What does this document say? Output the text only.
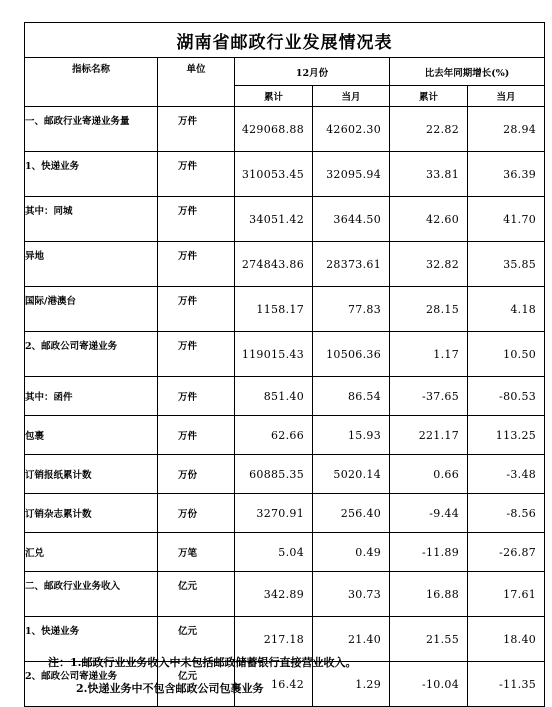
湖南省邮政行业发展情况表					
指标名称	单位	12月份		比去年同期增长(%)	
		累计	当月	累计	当月
一、邮政行业寄递业务量	万件	429068.88	42602.30	22.82	28.94
1、快递业务	万件	310053.45	32095.94	33.81	36.39
其中：同城	万件	34051.42	3644.50	42.60	41.70
异地	万件	274843.86	28373.61	32.82	35.85
国际/港澳台	万件	1158.17	77.83	28.15	4.18
2、邮政公司寄递业务	万件	119015.43	10506.36	1.17	10.50
其中：函件	万件	851.40	86.54	-37.65	-80.53
包裹	万件	62.66	15.93	221.17	113.25
订销报纸累计数	万份	60885.35	5020.14	0.66	-3.48
订销杂志累计数	万份	3270.91	256.40	-9.44	-8.56
汇兑	万笔	5.04	0.49	-11.89	-26.87
二、邮政行业业务收入	亿元	342.89	30.73	16.88	17.61
1、快递业务	亿元	217.18	21.40	21.55	18.40
2、邮政公司寄递业务	亿元	16.42	1.29	-10.04	-11.35
注：1.邮政行业业务收入中未包括邮政储蓄银行直接营业收入。
2.快递业务中不包含邮政公司包裹业务
